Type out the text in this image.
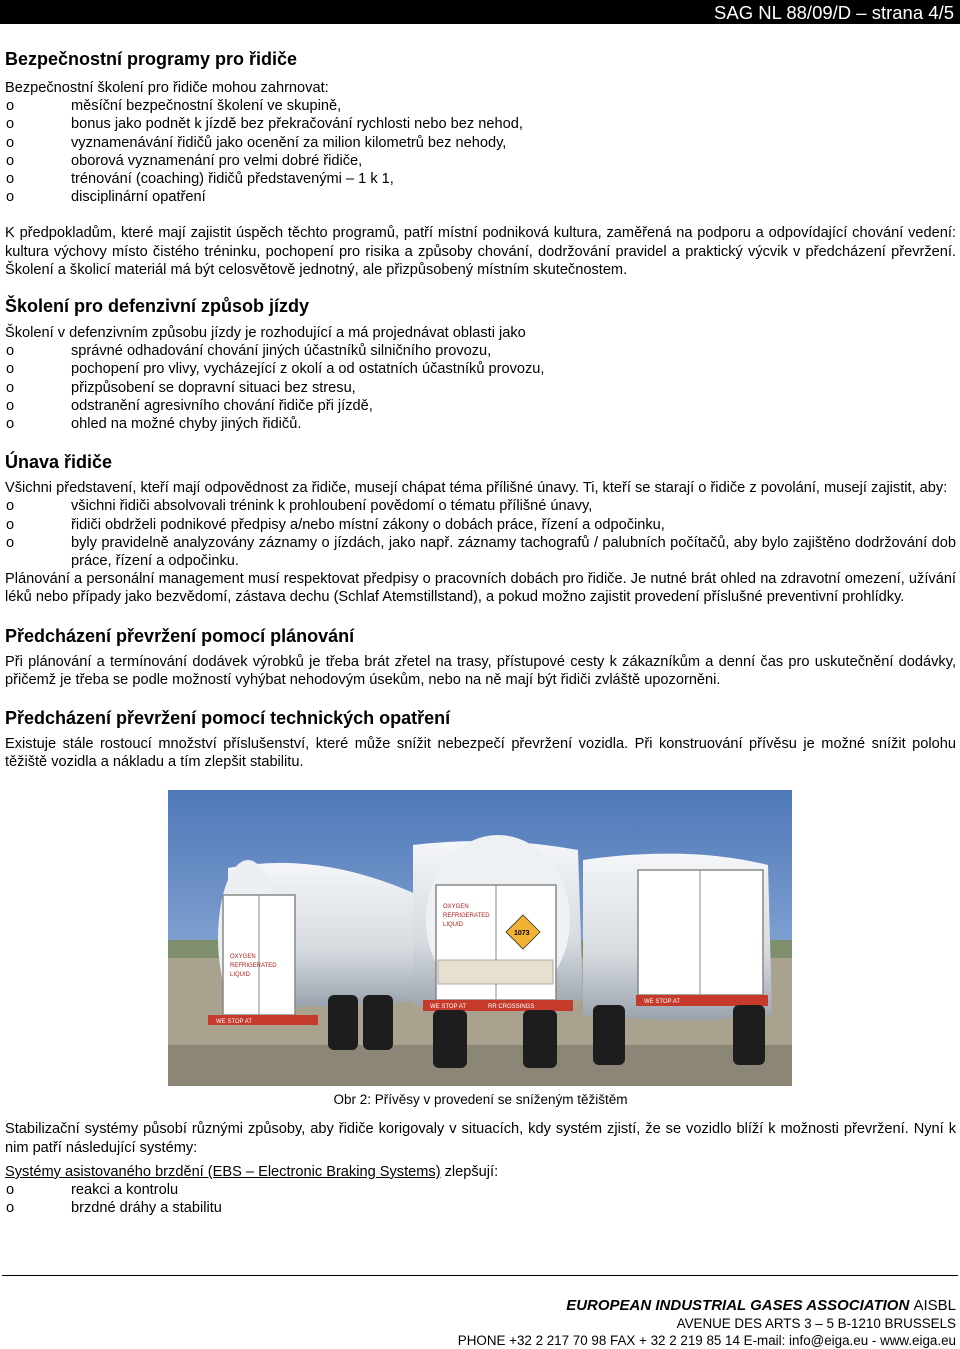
SAG NL 88/09/D – strana 4/5
Bezpečnostní programy pro řidiče

Bezpečnostní školení pro řidiče mohou zahrnovat:

o	měsíční bezpečnostní školení ve skupině,
o	bonus jako podnět k jízdě bez překračování rychlosti nebo bez nehod,
o	vyznamenávání řidičů jako ocenění za milion kilometrů bez nehody,
o	oborová vyznamenání pro velmi dobré řidiče,
o	trénování (coaching) řidičů představenými – 1 k 1,
o	disciplinární opatření

K předpokladům, které mají zajistit úspěch těchto programů, patří místní podniková kultura, zaměřená na podporu a odpovídající chování vedení: kultura výchovy místo čistého tréninku, pochopení pro risika a způsoby chování, dodržování pravidel a praktický výcvik v předcházení převržení. Školení a školicí materiál má být celosvětově jednotný, ale přizpůsobený místním skutečnostem.

Školení pro defenzivní způsob jízdy

Školení v defenzivním způsobu jízdy je rozhodující a má projednávat oblasti jako

o	správné odhadování chování jiných účastníků silničního provozu,
o	pochopení pro vlivy, vycházející z okolí a od ostatních účastníků provozu,
o	přizpůsobení se dopravní situaci bez stresu,
o	odstranění agresivního chování řidiče při jízdě,
o	ohled na možné chyby jiných řidičů.
Únava řidiče

Všichni představení, kteří mají odpovědnost za řidiče, musejí chápat téma přílišné únavy. Ti, kteří se starají o řidiče z povolání, musejí zajistit, aby:

o	všichni řidiči absolvovali trénink k prohloubení povědomí o tématu přílišné únavy,
o	řidiči obdrželi podnikové předpisy a/nebo místní zákony o dobách práce, řízení a odpočinku,
o	byly pravidelně analyzovány záznamy o jízdách, jako např. záznamy tachografů / palubních počítačů, aby bylo zajištěno dodržování dob práce, řízení a odpočinku.

Plánování a personální management musí respektovat předpisy o pracovních dobách pro řidiče. Je nutné brát ohled na zdravotní omezení, užívání léků nebo případy jako bezvědomí, zástava dechu (Schlaf Atemstillstand), a pokud možno zajistit provedení příslušné preventivní prohlídky.

Předcházení převržení pomocí plánování

Při plánování a termínování dodávek výrobků je třeba brát zřetel na trasy, přístupové cesty k zákazníkům a denní čas pro uskutečnění dodávky, přičemž je třeba se podle možností vyhýbat nehodovým úsekům, nebo na ně mají být řidiči zvláště upozorněni.

Předcházení převržení pomocí technických opatření

Existuje stále rostoucí množství příslušenství, které může snížit nebezpečí převržení vozidla. Při konstruování přívěsu je možné snížit polohu těžiště vozidla a nákladu a tím zlepšit stabilitu.

OXYGEN
REFRIGERATED
LIQUID
WE STOP AT
1073
OXYGEN
REFRIGERATED
LIQUID
WE STOP AT	RR CROSSINGS
WE STOP AT
Obr 2: Přívěsy v provedení se sníženým těžištěm

Stabilizační systémy působí různými způsoby, aby řidiče korigovaly v situacích, kdy systém zjistí, že se vozidlo blíží k možnosti převržení. Nyní k nim patří následující systémy:

Systémy asistovaného brzdění (EBS – Electronic Braking Systems) zlepšují:

o	reakci a kontrolu
o	brzdné dráhy a stabilitu
EUROPEAN INDUSTRIAL GASES ASSOCIATION AISBL
AVENUE DES ARTS 3 – 5 B-1210 BRUSSELS
PHONE +32 2 217 70 98 FAX + 32 2 219 85 14 E-mail: info@eiga.eu - www.eiga.eu
